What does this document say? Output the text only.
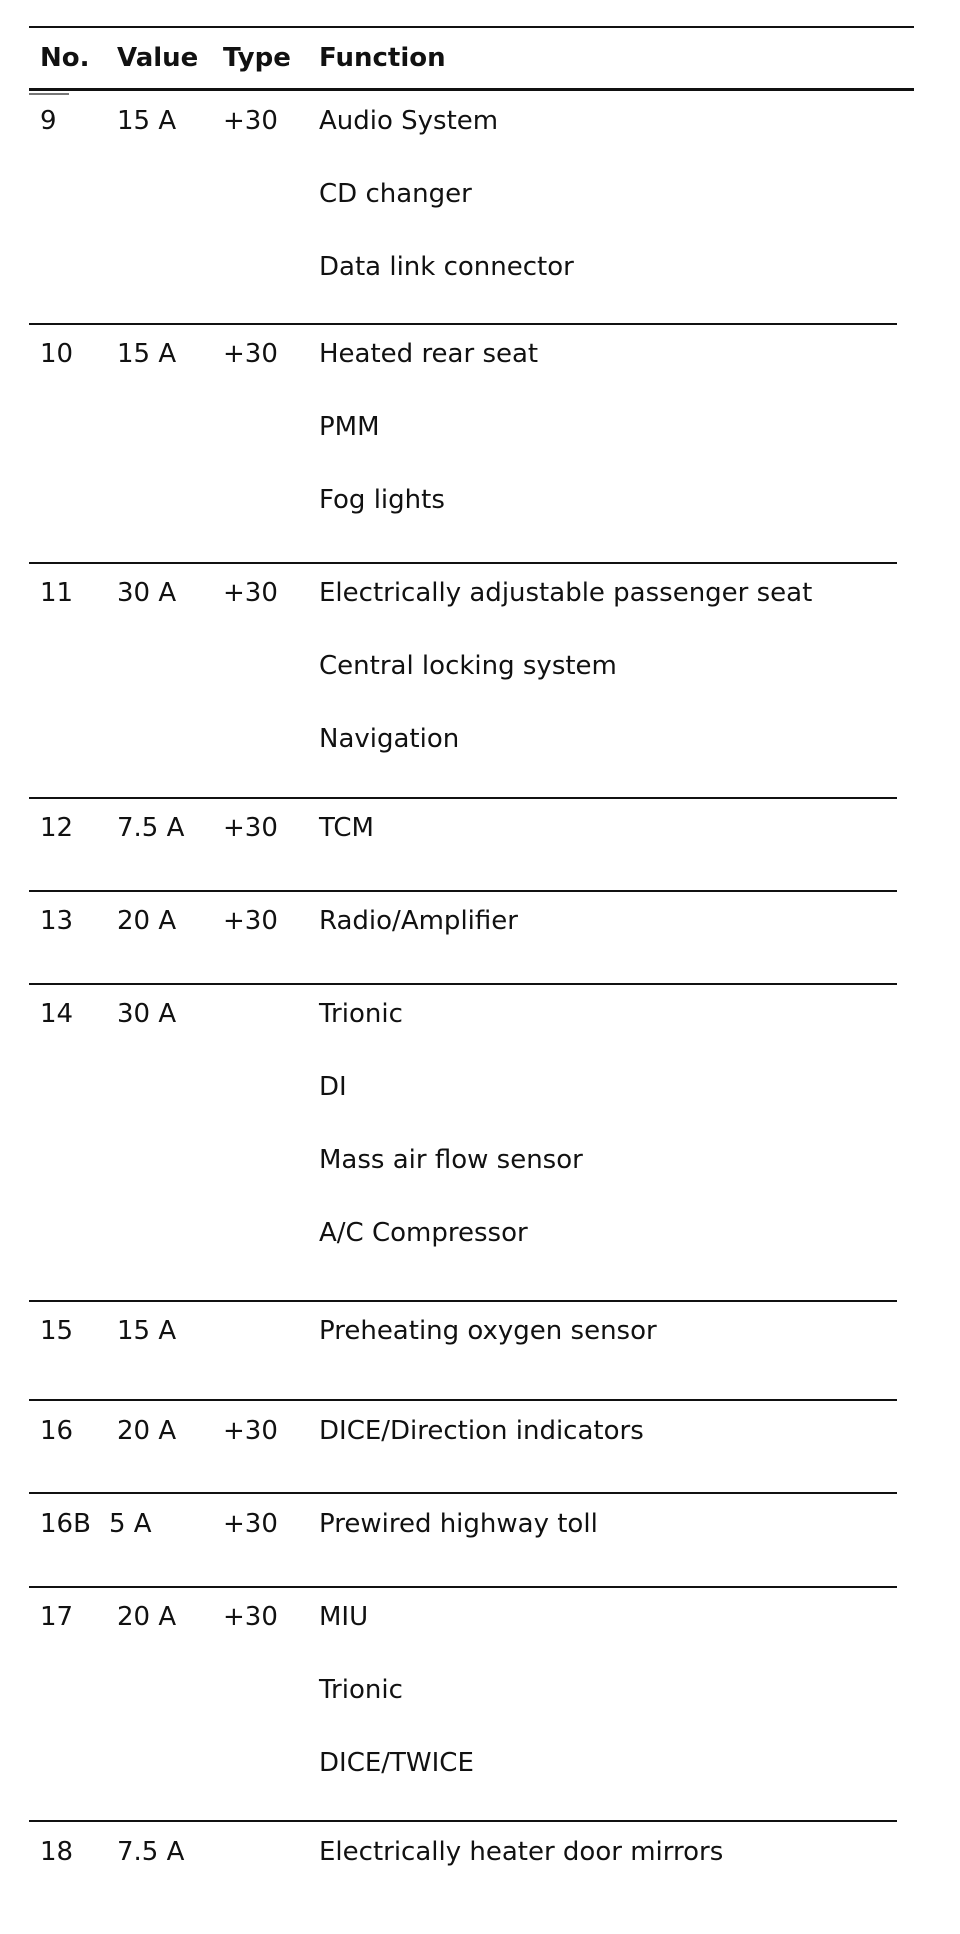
No. Value Type Function
9 15 A +30 Audio System
CD changer
Data link connector
10 15 A +30 Heated rear seat
PMM
Fog lights
11 30 A +30 Electrically adjustable passenger seat
Central locking system
Navigation
12 7.5 A +30 TCM
13 20 A +30 Radio/Amplifier
14 30 A	Trionic
DI
Mass air flow sensor
A/C Compressor
15 15 A	Preheating oxygen sensor
16 20 A +30 DICE/Direction indicators
16B 5 A	+30 Prewired highway toll
17 20 A +30 MIU
Trionic
DICE/TWICE
18 7.5 A	Electrically heater door mirrors
